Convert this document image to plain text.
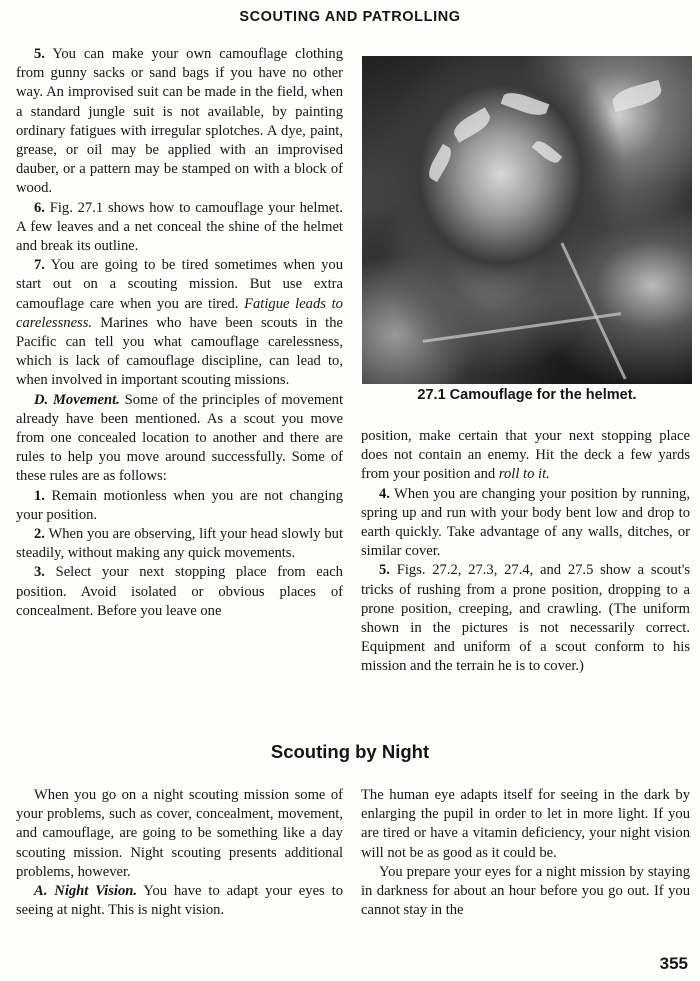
SCOUTING AND PATROLLING

5. You can make your own camouflage clothing from gunny sacks or sand bags if you have no other way. An improvised suit can be made in the field, when a standard jungle suit is not available, by painting ordinary fatigues with irregular splotches. A dye, paint, grease, or oil may be applied with an improvised dauber, or a pattern may be stamped on with a block of wood.

6. Fig. 27.1 shows how to camouflage your helmet. A few leaves and a net conceal the shine of the helmet and break its outline.

7. You are going to be tired sometimes when you start out on a scouting mission. But use extra camouflage care when you are tired. Fatigue leads to carelessness. Marines who have been scouts in the Pacific can tell you what camouflage carelessness, which is lack of camouflage discipline, can lead to, when involved in important scouting missions.

D. Movement. Some of the principles of movement already have been mentioned. As a scout you move from one concealed location to another and there are rules to help you move around successfully. Some of these rules are as follows:

1. Remain motionless when you are not changing your position.

2. When you are observing, lift your head slowly but steadily, without making any quick movements.

3. Select your next stopping place from each position. Avoid isolated or obvious places of concealment. Before you leave one

27.1 Camouflage for the helmet.

position, make certain that your next stopping place does not contain an enemy. Hit the deck a few yards from your position and roll to it.

4. When you are changing your position by running, spring up and run with your body bent low and drop to earth quickly. Take advantage of any walls, ditches, or similar cover.

5. Figs. 27.2, 27.3, 27.4, and 27.5 show a scout's tricks of rushing from a prone position, dropping to a prone position, creeping, and crawling. (The uniform shown in the pictures is not necessarily correct. Equipment and uniform of a scout conform to his mission and the terrain he is to cover.)

Scouting by Night

When you go on a night scouting mission some of your problems, such as cover, concealment, movement, and camouflage, are going to be something like a day scouting mission. Night scouting presents additional problems, however.

A. Night Vision. You have to adapt your eyes to seeing at night. This is night vision.

The human eye adapts itself for seeing in the dark by enlarging the pupil in order to let in more light. If you are tired or have a vitamin deficiency, your night vision will not be as good as it could be.

You prepare your eyes for a night mission by staying in darkness for about an hour before you go out. If you cannot stay in the

355
